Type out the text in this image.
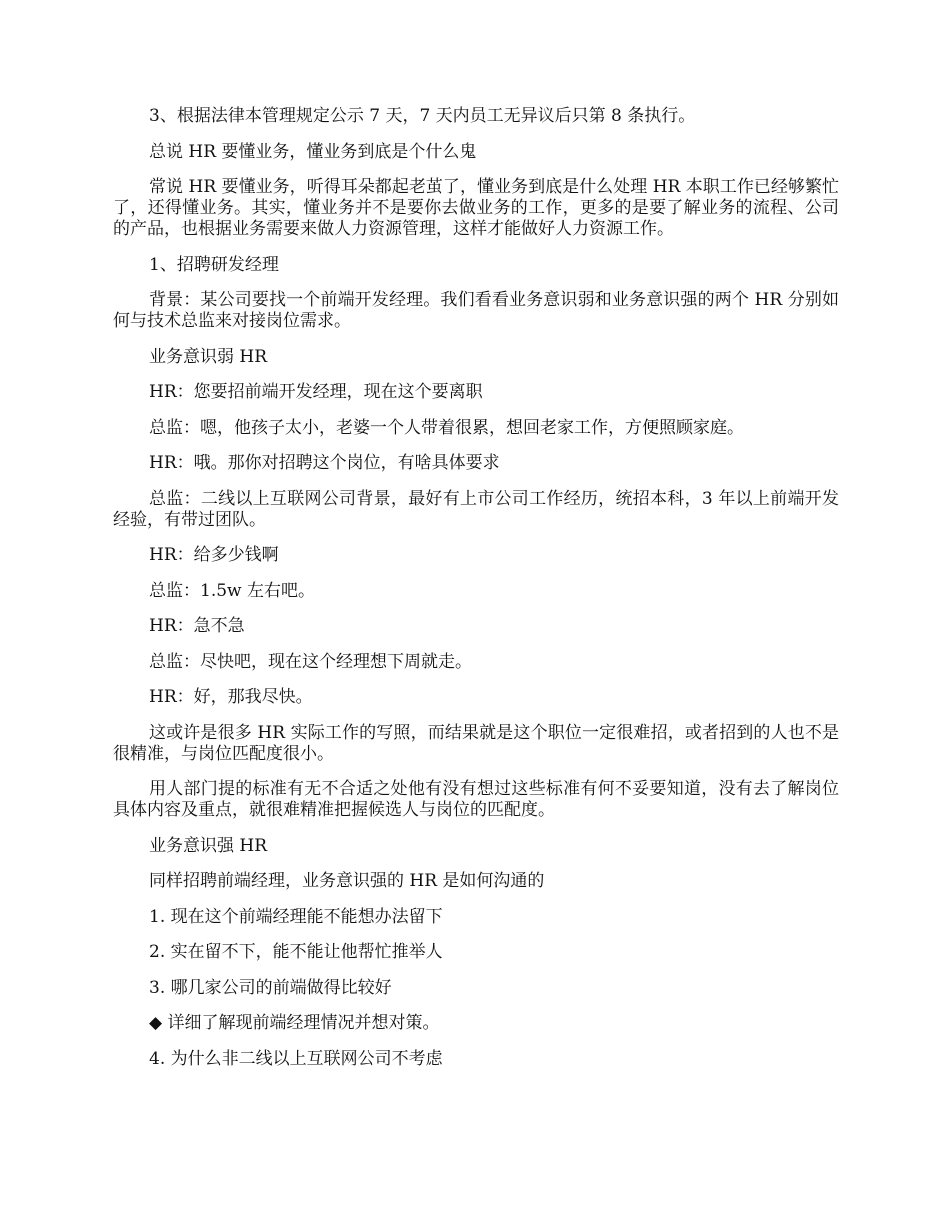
3、根据法律本管理规定公示 7 天，7 天内员工无异议后只第 8 条执行。

总说 HR 要懂业务，懂业务到底是个什么鬼

常说 HR 要懂业务，听得耳朵都起老茧了，懂业务到底是什么处理 HR 本职工作已经够繁忙了，还得懂业务。其实，懂业务并不是要你去做业务的工作，更多的是要了解业务的流程、公司的产品，也根据业务需要来做人力资源管理，这样才能做好人力资源工作。

1、招聘研发经理

背景：某公司要找一个前端开发经理。我们看看业务意识弱和业务意识强的两个 HR 分别如何与技术总监来对接岗位需求。

业务意识弱 HR

HR：您要招前端开发经理，现在这个要离职

总监：嗯，他孩子太小，老婆一个人带着很累，想回老家工作，方便照顾家庭。

HR：哦。那你对招聘这个岗位，有啥具体要求

总监：二线以上互联网公司背景，最好有上市公司工作经历，统招本科，3 年以上前端开发经验，有带过团队。

HR：给多少钱啊

总监：1.5w 左右吧。

HR：急不急

总监：尽快吧，现在这个经理想下周就走。

HR：好，那我尽快。

这或许是很多 HR 实际工作的写照，而结果就是这个职位一定很难招，或者招到的人也不是很精准，与岗位匹配度很小。

用人部门提的标准有无不合适之处他有没有想过这些标准有何不妥要知道，没有去了解岗位具体内容及重点，就很难精准把握候选人与岗位的匹配度。

业务意识强 HR

同样招聘前端经理，业务意识强的 HR 是如何沟通的

1. 现在这个前端经理能不能想办法留下

2. 实在留不下，能不能让他帮忙推举人

3. 哪几家公司的前端做得比较好

◆ 详细了解现前端经理情况并想对策。

4. 为什么非二线以上互联网公司不考虑
